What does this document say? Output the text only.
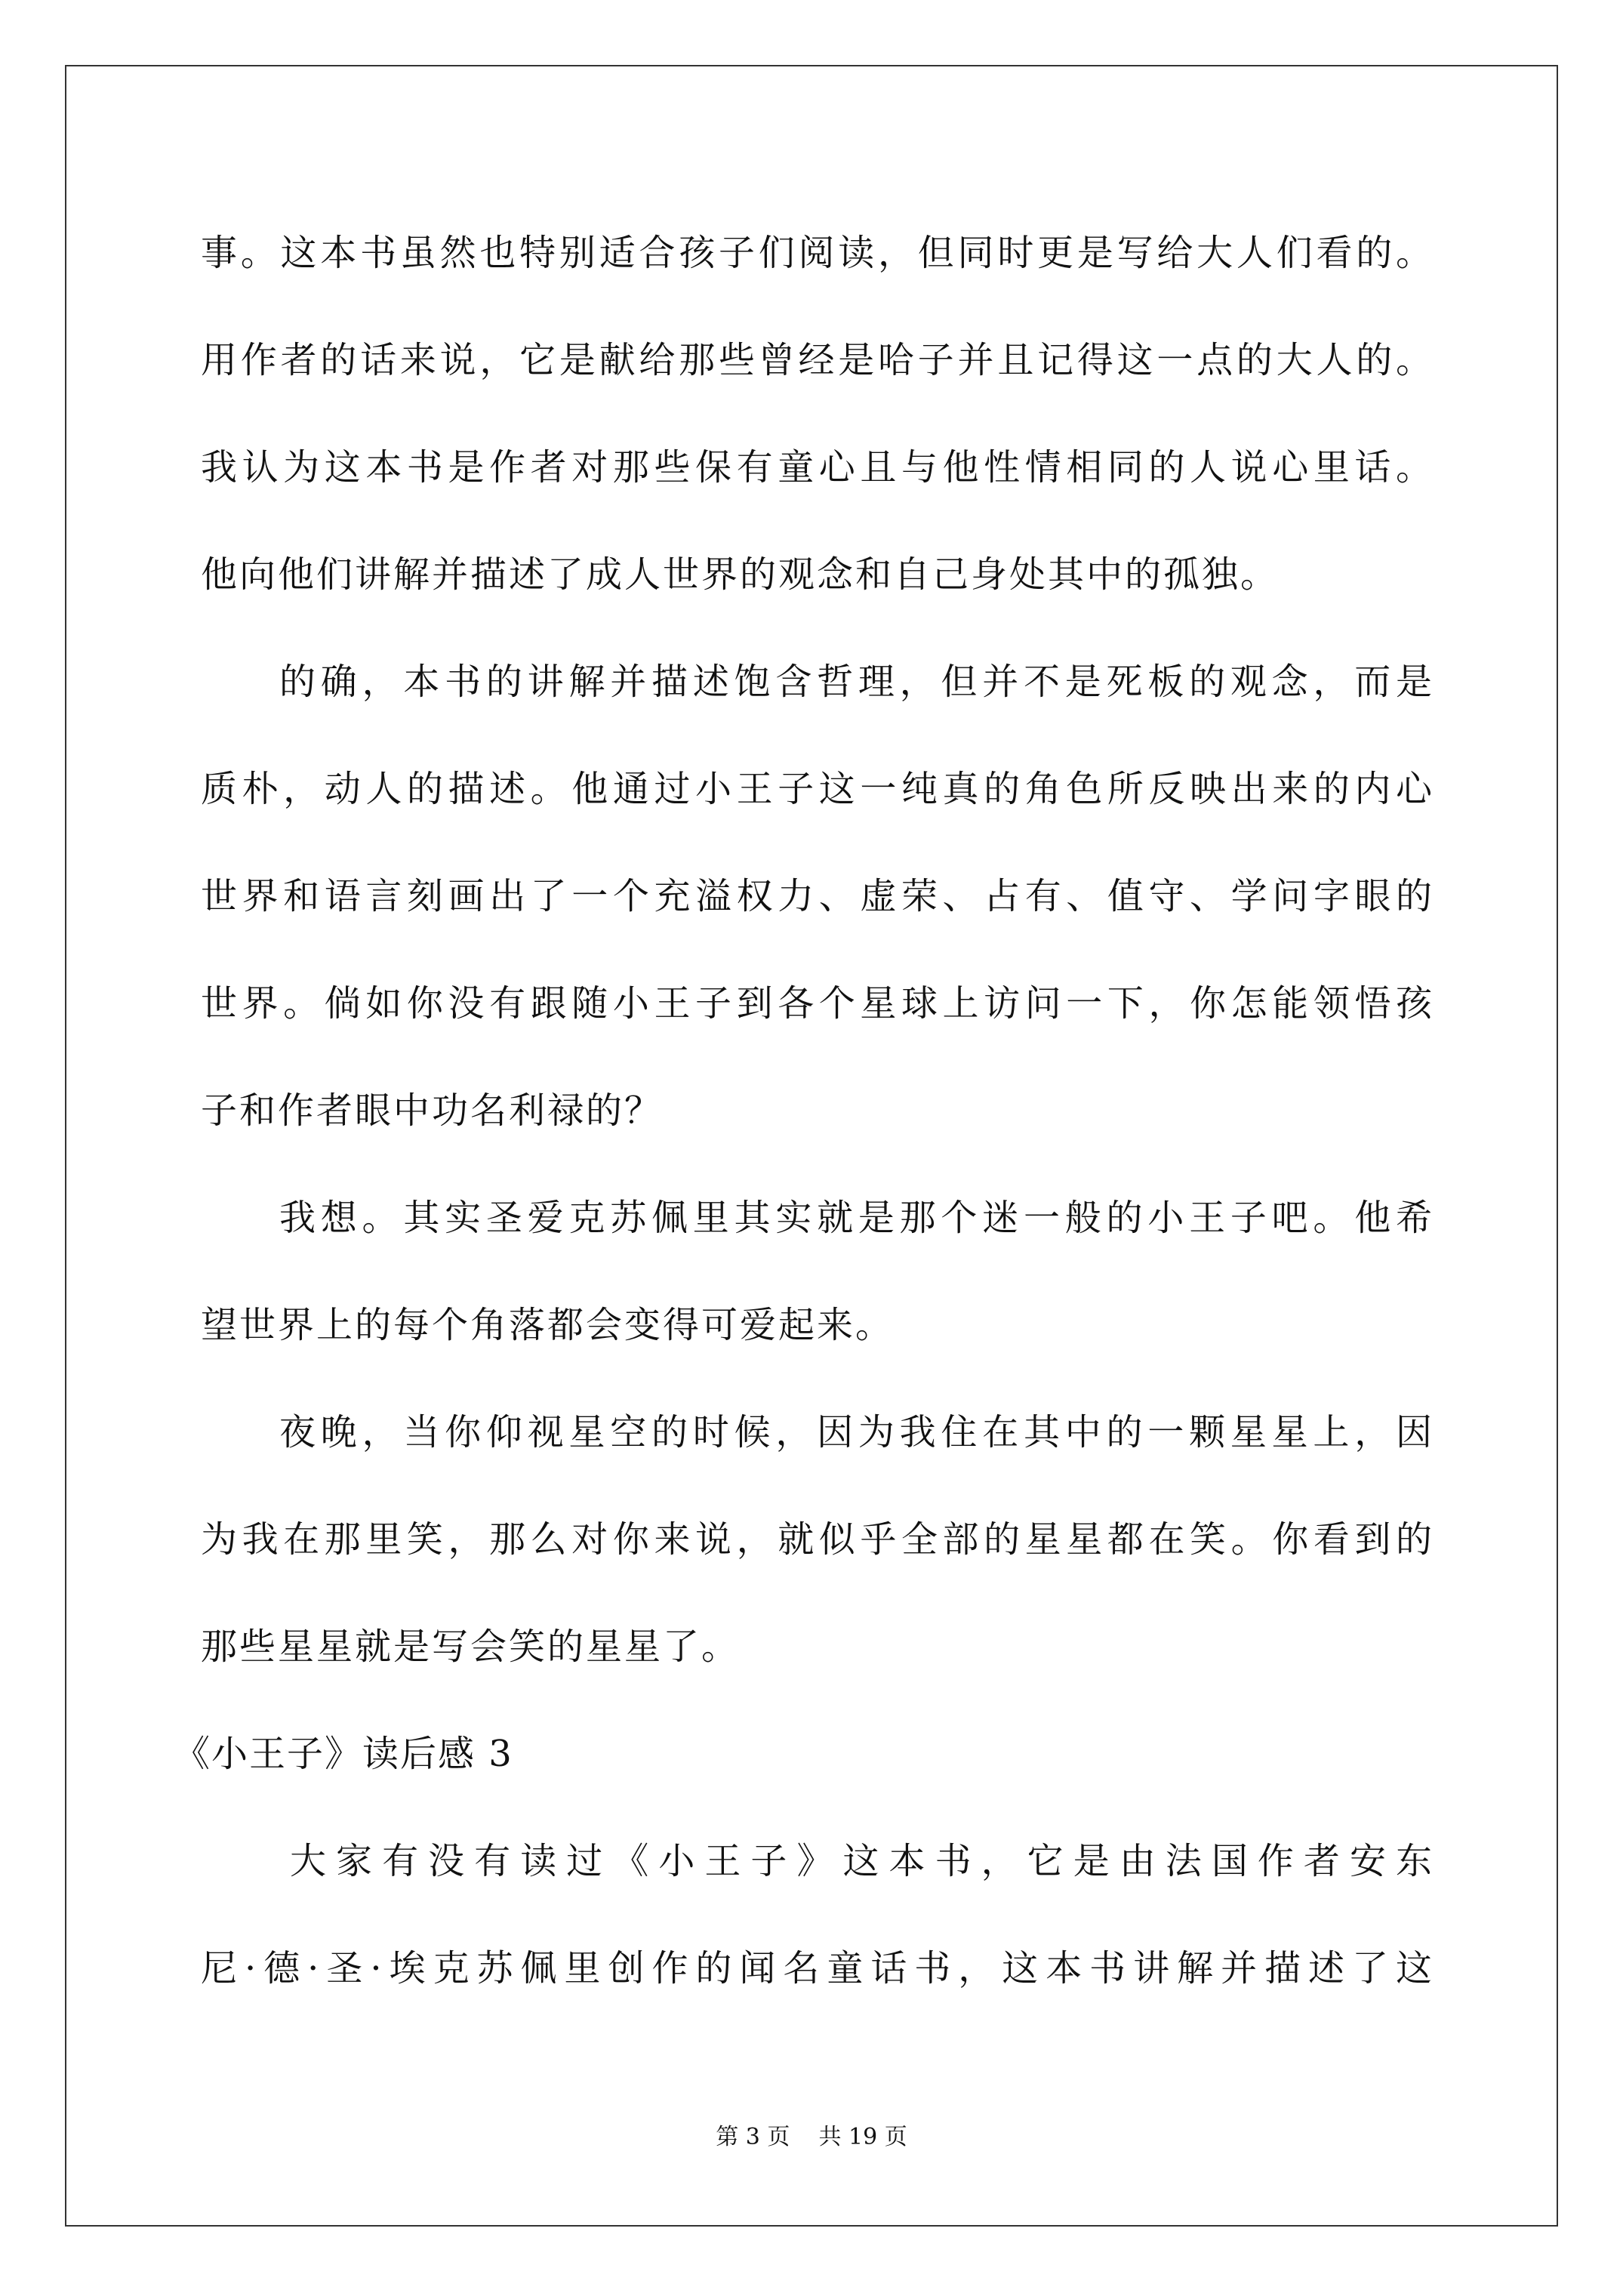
事。这本书虽然也特别适合孩子们阅读，但同时更是写给大人们看的。
用作者的话来说，它是献给那些曾经是哈子并且记得这一点的大人的。
我认为这本书是作者对那些保有童心且与他性情相同的人说心里话。
他向他们讲解并描述了成人世界的观念和自己身处其中的孤独。
的确，本书的讲解并描述饱含哲理，但并不是死板的观念，而是
质朴，动人的描述。他通过小王子这一纯真的角色所反映出来的内心
世界和语言刻画出了一个充溢权力、虚荣、占有、值守、学问字眼的
世界。倘如你没有跟随小王子到各个星球上访问一下，你怎能领悟孩
子和作者眼中功名利禄的？
我想。其实圣爱克苏佩里其实就是那个迷一般的小王子吧。他希
望世界上的每个角落都会变得可爱起来。
夜晚，当你仰视星空的时候，因为我住在其中的一颗星星上，因
为我在那里笑，那么对你来说，就似乎全部的星星都在笑。你看到的
那些星星就是写会笑的星星了。
《小王子》读后感 3
大家有没有读过《小王子》这本书，它是由法国作者安东
尼·德·圣·埃克苏佩里创作的闻名童话书，这本书讲解并描述了这
第 3 页    共 19 页
